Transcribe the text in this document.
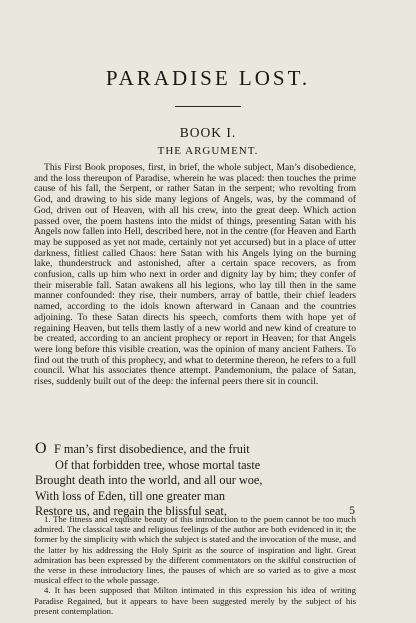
PARADISE LOST.
BOOK I.
THE ARGUMENT.

This First Book proposes, first, in brief, the whole subject, Man’s disobedience, and the loss thereupon of Paradise, wherein he was placed: then touches the prime cause of his fall, the Serpent, or rather Satan in the serpent; who revolting from God, and drawing to his side many legions of Angels, was, by the command of God, driven out of Heaven, with all his crew, into the great deep. Which action passed over, the poem hastens into the midst of things, presenting Satan with his Angels now fallen into Hell, described here, not in the centre (for Heaven and Earth may be supposed as yet not made, certainly not yet accursed) but in a place of utter darkness, fitliest called Chaos: here Satan with his Angels lying on the burning lake, thunderstruck and astonished, after a certain space recovers, as from confusion, calls up him who next in order and dignity lay by him; they confer of their miserable fall. Satan awakens all his legions, who lay till then in the same manner confounded: they rise, their numbers, array of battle, their chief leaders named, according to the idols known afterward in Canaan and the countries adjoining. To these Satan directs his speech, comforts them with hope yet of regaining Heaven, but tells them lastly of a new world and new kind of creature to be created, according to an ancient prophecy or report in Heaven; for that Angels were long before this visible creation, was the opinion of many ancient Fathers. To find out the truth of this prophecy, and what to determine thereon, he refers to a full council. What his associates thence attempt. Pandemonium, the palace of Satan, rises, suddenly built out of the deep: the infernal peers there sit in council.

O F man’s first disobedience, and the fruit
Of that forbidden tree, whose mortal taste
Brought death into the world, and all our woe,
With loss of Eden, till one greater man
Restore us, and regain the blissful seat,	5

1. The fitness and exquisite beauty of this introduction to the poem cannot be too much admired. The classical taste and religious feelings of the author are both evidenced in it; the former by the simplicity with which the subject is stated and the invocation of the muse, and the latter by his addressing the Holy Spirit as the source of inspiration and light. Great admiration has been expressed by the different commentators on the skilful construction of the verse in these introductory lines, the pauses of which are so varied as to give a most musical effect to the whole passage.

4. It has been supposed that Milton intimated in this expression his idea of writing Paradise Regained, but it appears to have been suggested merely by the subject of his present contemplation.
